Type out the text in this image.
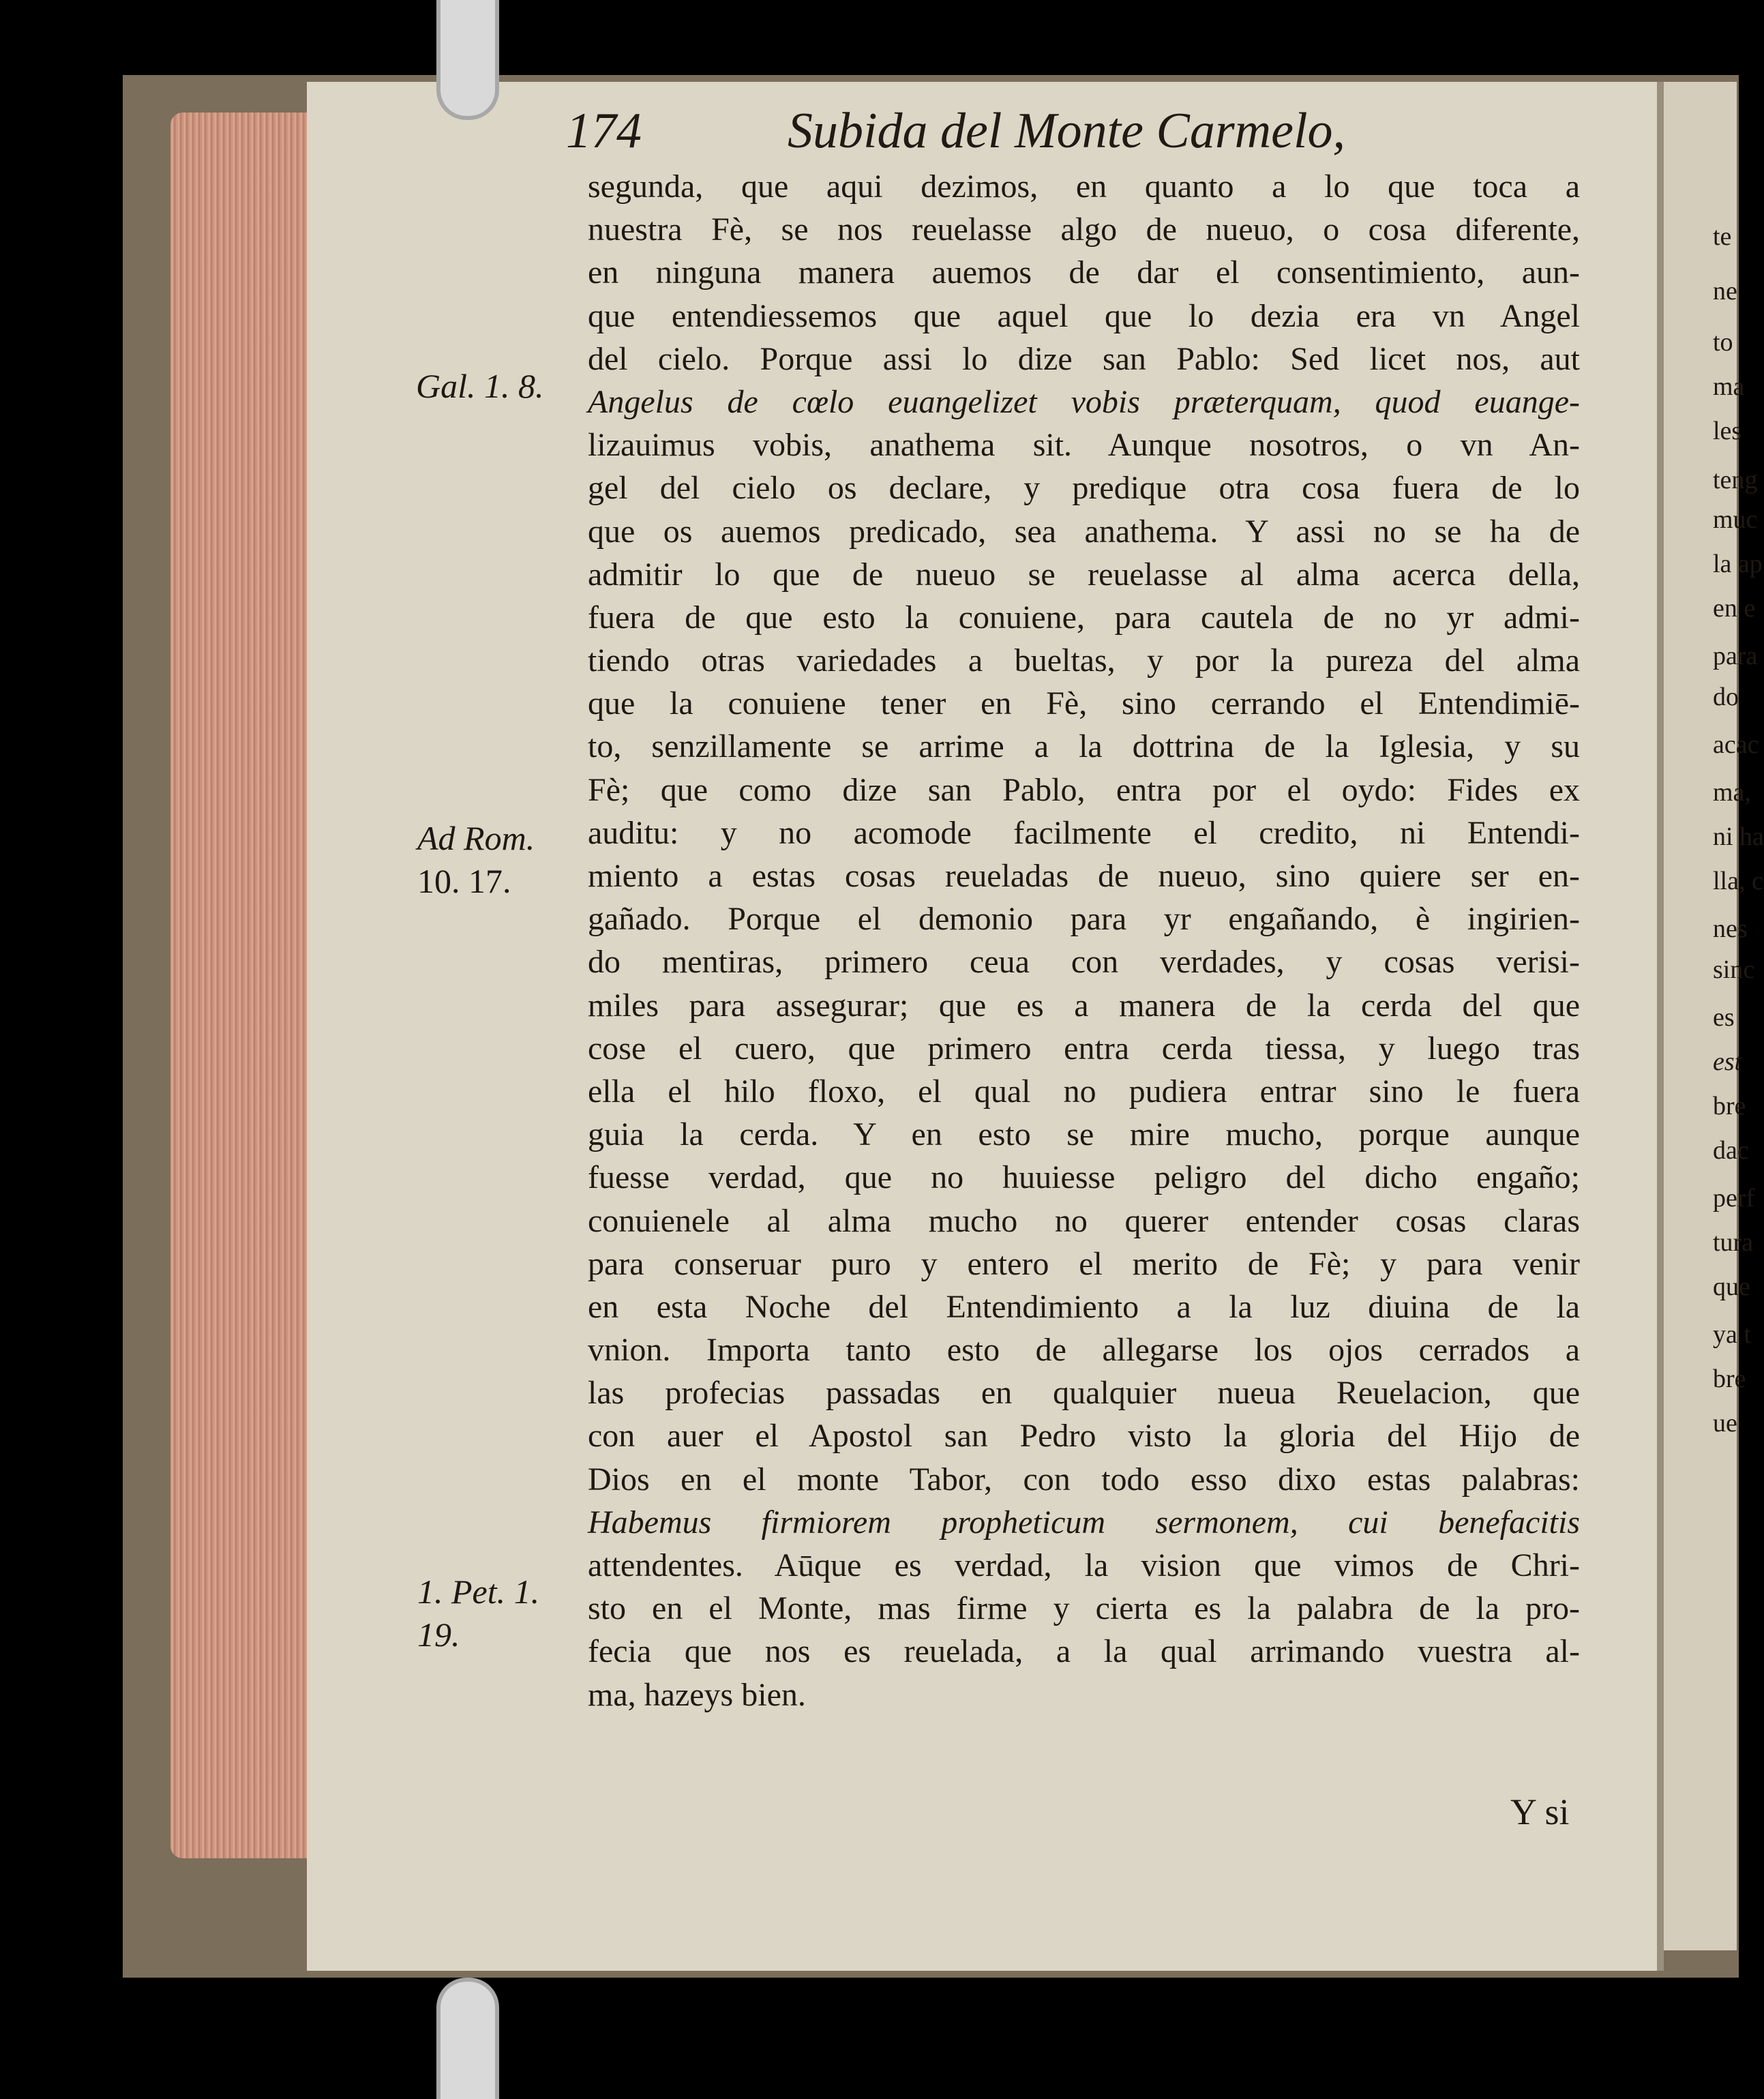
174	Subida del Monte Carmelo,
segunda, que aqui dezimos, en quanto a lo que toca a
nuestra Fè, se nos reuelasse algo de nueuo, o cosa diferente,
en ninguna manera auemos de dar el consentimiento, aun-
que entendiessemos que aquel que lo dezia era vn Angel
del cielo. Porque assi lo dize san Pablo: Sed licet nos, aut
Angelus de cœlo euangelizet vobis præterquam, quod euange-
lizauimus vobis, anathema sit. Aunque nosotros, o vn An-
gel del cielo os declare, y predique otra cosa fuera de lo
que os auemos predicado, sea anathema. Y assi no se ha de
admitir lo que de nueuo se reuelasse al alma acerca della,
fuera de que esto la conuiene, para cautela de no yr admi-
tiendo otras variedades a bueltas, y por la pureza del alma
que la conuiene tener en Fè, sino cerrando el Entendimiē-
to, senzillamente se arrime a la dottrina de la Iglesia, y su
Fè; que como dize san Pablo, entra por el oydo: Fides ex
auditu: y no acomode facilmente el credito, ni Entendi-
miento a estas cosas reueladas de nueuo, sino quiere ser en-
gañado. Porque el demonio para yr engañando, è ingirien-
do mentiras, primero ceua con verdades, y cosas verisi-
miles para assegurar; que es a manera de la cerda del que
cose el cuero, que primero entra cerda tiessa, y luego tras
ella el hilo floxo, el qual no pudiera entrar sino le fuera
guia la cerda. Y en esto se mire mucho, porque aunque
fuesse verdad, que no huuiesse peligro del dicho engaño;
conuienele al alma mucho no querer entender cosas claras
para conseruar puro y entero el merito de Fè; y para venir
en esta Noche del Entendimiento a la luz diuina de la
vnion. Importa tanto esto de allegarse los ojos cerrados a
las profecias passadas en qualquier nueua Reuelacion, que
con auer el Apostol san Pedro visto la gloria del Hijo de
Dios en el monte Tabor, con todo esso dixo estas palabras:
Habemus firmiorem propheticum sermonem, cui benefacitis
attendentes. Aūque es verdad, la vision que vimos de Chri-
sto en el Monte, mas firme y cierta es la palabra de la pro-
fecia que nos es reuelada, a la qual arrimando vuestra al-
ma, hazeys bien.
Y si
Gal. 1. 8.
Ad Rom.
10. 17.
1. Pet. 1.
19.
te
ne
to
ma
les
teng
muc
la ap
en e
para
do
acac
ma,
ni ha
lla, c
nes
sinc
es
est
bre
dac
perf
tura
que
ya t
bre
ue
